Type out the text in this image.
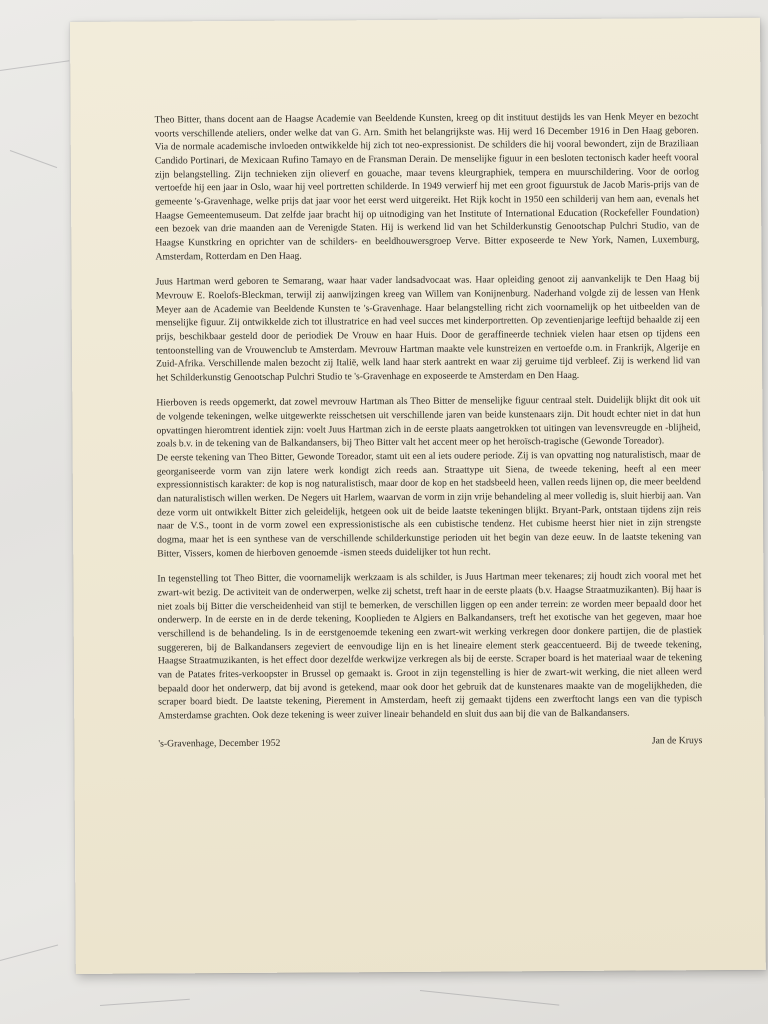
Theo Bitter, thans docent aan de Haagse Academie van Beeldende Kunsten, kreeg op dit instituut destijds les van Henk Meyer en bezocht voorts verschillende ateliers, onder welke dat van G. Arn. Smith het belangrijkste was. Hij werd 16 December 1916 in Den Haag geboren. Via de normale academische invloeden ontwikkelde hij zich tot neo-expressionist. De schilders die hij vooral bewondert, zijn de Braziliaan Candido Portinari, de Mexicaan Rufino Tamayo en de Fransman Derain. De menselijke figuur in een besloten tectonisch kader heeft vooral zijn belangstelling. Zijn technieken zijn olieverf en gouache, maar tevens kleurgraphiek, tempera en muurschildering. Voor de oorlog vertoefde hij een jaar in Oslo, waar hij veel portretten schilderde. In 1949 verwierf hij met een groot figuurstuk de Jacob Maris-prijs van de gemeente 's-Gravenhage, welke prijs dat jaar voor het eerst werd uitgereikt. Het Rijk kocht in 1950 een schilderij van hem aan, evenals het Haagse Gemeentemuseum. Dat zelfde jaar bracht hij op uitnodiging van het Institute of International Education (Rockefeller Foundation) een bezoek van drie maanden aan de Verenigde Staten. Hij is werkend lid van het Schilderkunstig Genootschap Pulchri Studio, van de Haagse Kunstkring en oprichter van de schilders- en beeldhouwersgroep Verve. Bitter exposeerde te New York, Namen, Luxemburg, Amsterdam, Rotterdam en Den Haag.

Juus Hartman werd geboren te Semarang, waar haar vader landsadvocaat was. Haar opleiding genoot zij aanvankelijk te Den Haag bij Mevrouw E. Roelofs-Bleckman, terwijl zij aanwijzingen kreeg van Willem van Konijnenburg. Naderhand volgde zij de lessen van Henk Meyer aan de Academie van Beeldende Kunsten te 's-Gravenhage. Haar belangstelling richt zich voornamelijk op het uitbeelden van de menselijke figuur. Zij ontwikkelde zich tot illustratrice en had veel succes met kinderportretten. Op zeventienjarige leeftijd behaalde zij een prijs, beschikbaar gesteld door de periodiek De Vrouw en haar Huis. Door de geraffineerde techniek vielen haar etsen op tijdens een tentoonstelling van de Vrouwenclub te Amsterdam. Mevrouw Hartman maakte vele kunstreizen en vertoefde o.m. in Frankrijk, Algerije en Zuid-Afrika. Verschillende malen bezocht zij Italië, welk land haar sterk aantrekt en waar zij geruime tijd verbleef. Zij is werkend lid van het Schilderkunstig Genootschap Pulchri Studio te 's-Gravenhage en exposeerde te Amsterdam en Den Haag.

Hierboven is reeds opgemerkt, dat zowel mevrouw Hartman als Theo Bitter de menselijke figuur centraal stelt. Duidelijk blijkt dit ook uit de volgende tekeningen, welke uitgewerkte reisschetsen uit verschillende jaren van beide kunstenaars zijn. Dit houdt echter niet in dat hun opvattingen hieromtrent identiek zijn: voelt Juus Hartman zich in de eerste plaats aangetrokken tot uitingen van levensvreugde en -blijheid, zoals b.v. in de tekening van de Balkandansers, bij Theo Bitter valt het accent meer op het heroïsch-tragische (Gewonde Toreador).

De eerste tekening van Theo Bitter, Gewonde Toreador, stamt uit een al iets oudere periode. Zij is van opvatting nog naturalistisch, maar de georganiseerde vorm van zijn latere werk kondigt zich reeds aan. Straattype uit Siena, de tweede tekening, heeft al een meer expressionnistisch karakter: de kop is nog naturalistisch, maar door de kop en het stadsbeeld heen, vallen reeds lijnen op, die meer beeldend dan naturalistisch willen werken. De Negers uit Harlem, waarvan de vorm in zijn vrije behandeling al meer volledig is, sluit hierbij aan. Van deze vorm uit ontwikkelt Bitter zich geleidelijk, hetgeen ook uit de beide laatste tekeningen blijkt. Bryant-Park, ontstaan tijdens zijn reis naar de V.S., toont in de vorm zowel een expressionistische als een cubistische tendenz. Het cubisme heerst hier niet in zijn strengste dogma, maar het is een synthese van de verschillende schilderkunstige perioden uit het begin van deze eeuw. In de laatste tekening van Bitter, Vissers, komen de hierboven genoemde -ismen steeds duidelijker tot hun recht.

In tegenstelling tot Theo Bitter, die voornamelijk werkzaam is als schilder, is Juus Hartman meer tekenares; zij houdt zich vooral met het zwart-wit bezig. De activiteit van de onderwerpen, welke zij schetst, treft haar in de eerste plaats (b.v. Haagse Straatmuzikanten). Bij haar is niet zoals bij Bitter die verscheidenheid van stijl te bemerken, de verschillen liggen op een ander terrein: ze worden meer bepaald door het onderwerp. In de eerste en in de derde tekening, Kooplieden te Algiers en Balkandansers, treft het exotische van het gegeven, maar hoe verschillend is de behandeling. Is in de eerstgenoemde tekening een zwart-wit werking verkregen door donkere partijen, die de plastiek suggereren, bij de Balkandansers zegeviert de eenvoudige lijn en is het lineaire element sterk geaccentueerd. Bij de tweede tekening, Haagse Straatmuzikanten, is het effect door dezelfde werkwijze verkregen als bij de eerste. Scraper board is het materiaal waar de tekening van de Patates frites-verkoopster in Brussel op gemaakt is. Groot in zijn tegenstelling is hier de zwart-wit werking, die niet alleen werd bepaald door het onderwerp, dat bij avond is getekend, maar ook door het gebruik dat de kunstenares maakte van de mogelijkheden, die scraper board biedt. De laatste tekening, Pierement in Amsterdam, heeft zij gemaakt tijdens een zwerftocht langs een van die typisch Amsterdamse grachten. Ook deze tekening is weer zuiver lineair behandeld en sluit dus aan bij die van de Balkandansers.

's-Gravenhage, December 1952	Jan de Kruys
